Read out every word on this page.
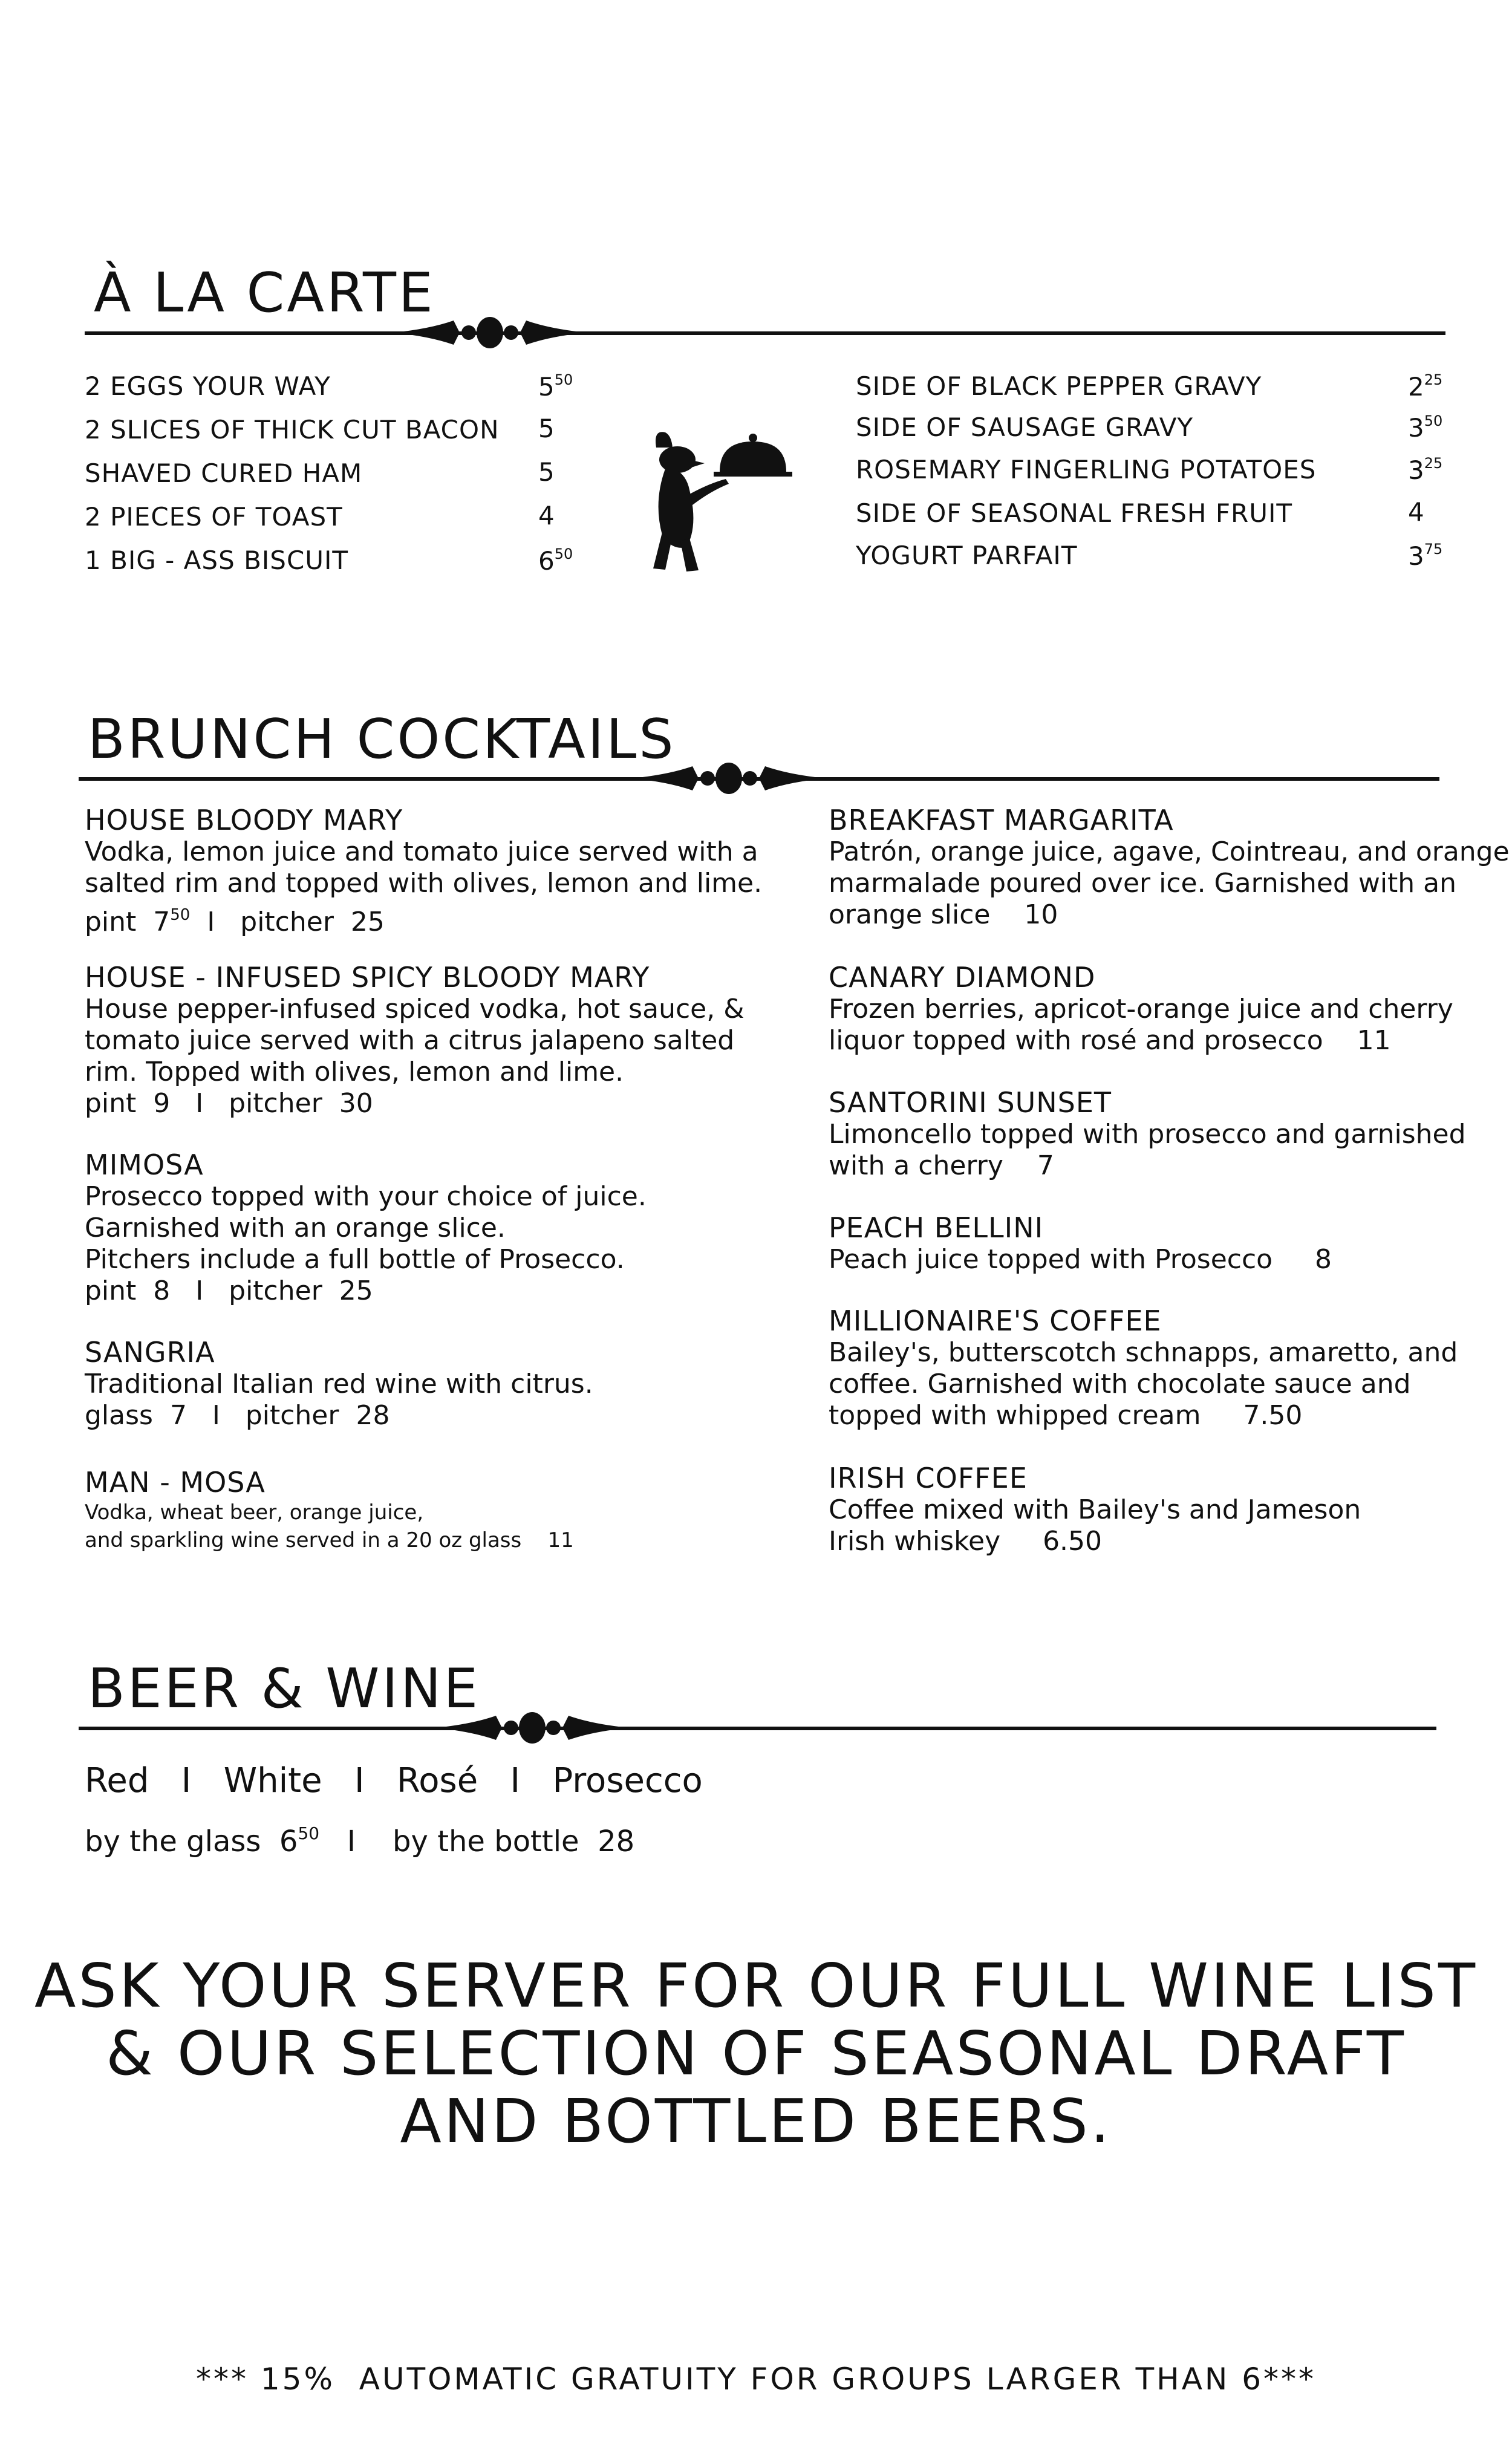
À LA CARTE
2 EGGS YOUR WAY	$5^{50}$
2 SLICES OF THICK CUT BACON 5
SHAVED CURED HAM	5
2 PIECES OF TOAST	4
1 BIG - ASS BISCUIT	$6^{50}$
SIDE OF BLACK PEPPER GRAVY	$2^{25}$
SIDE OF SAUSAGE GRAVY	$3^{50}$
ROSEMARY FINGERLING POTATOES	$3^{25}$
SIDE OF SEASONAL FRESH FRUIT	4
YOGURT PARFAIT	$3^{75}$
BRUNCH COCKTAILS
HOUSE BLOODY MARY
Vodka, lemon juice and tomato juice served with a
salted rim and topped with olives, lemon and lime.
pint  $7^{50}$  I   pitcher  25
HOUSE - INFUSED SPICY BLOODY MARY
House pepper-infused spiced vodka, hot sauce, &
tomato juice served with a citrus jalapeno salted
rim. Topped with olives, lemon and lime.
pint  9   I   pitcher  30
MIMOSA
Prosecco topped with your choice of juice.
Garnished with an orange slice.
Pitchers include a full bottle of Prosecco.
pint  8   I   pitcher  25
SANGRIA
Traditional Italian red wine with citrus.
glass  7   I   pitcher  28
MAN - MOSA
Vodka, wheat beer, orange juice,
and sparkling wine served in a 20 oz glass    11
BREAKFAST MARGARITA
Patrón, orange juice, agave, Cointreau, and orange
marmalade poured over ice. Garnished with an
orange slice    10
CANARY DIAMOND
Frozen berries, apricot-orange juice and cherry
liquor topped with rosé and prosecco    11
SANTORINI SUNSET
Limoncello topped with prosecco and garnished
with a cherry    7
PEACH BELLINI
Peach juice topped with Prosecco     8
MILLIONAIRE'S COFFEE
Bailey's, butterscotch schnapps, amaretto, and
coffee. Garnished with chocolate sauce and
topped with whipped cream     7.50
IRISH COFFEE
Coffee mixed with Bailey's and Jameson
Irish whiskey     6.50
BEER & WINE
Red   I   White   I   Rosé   I   Prosecco
by the glass  $6^{50}$   I    by the bottle  28
ASK YOUR SERVER FOR OUR FULL WINE LIST
& OUR SELECTION OF SEASONAL DRAFT
AND BOTTLED BEERS.
*** 15%  AUTOMATIC GRATUITY FOR GROUPS LARGER THAN 6***
